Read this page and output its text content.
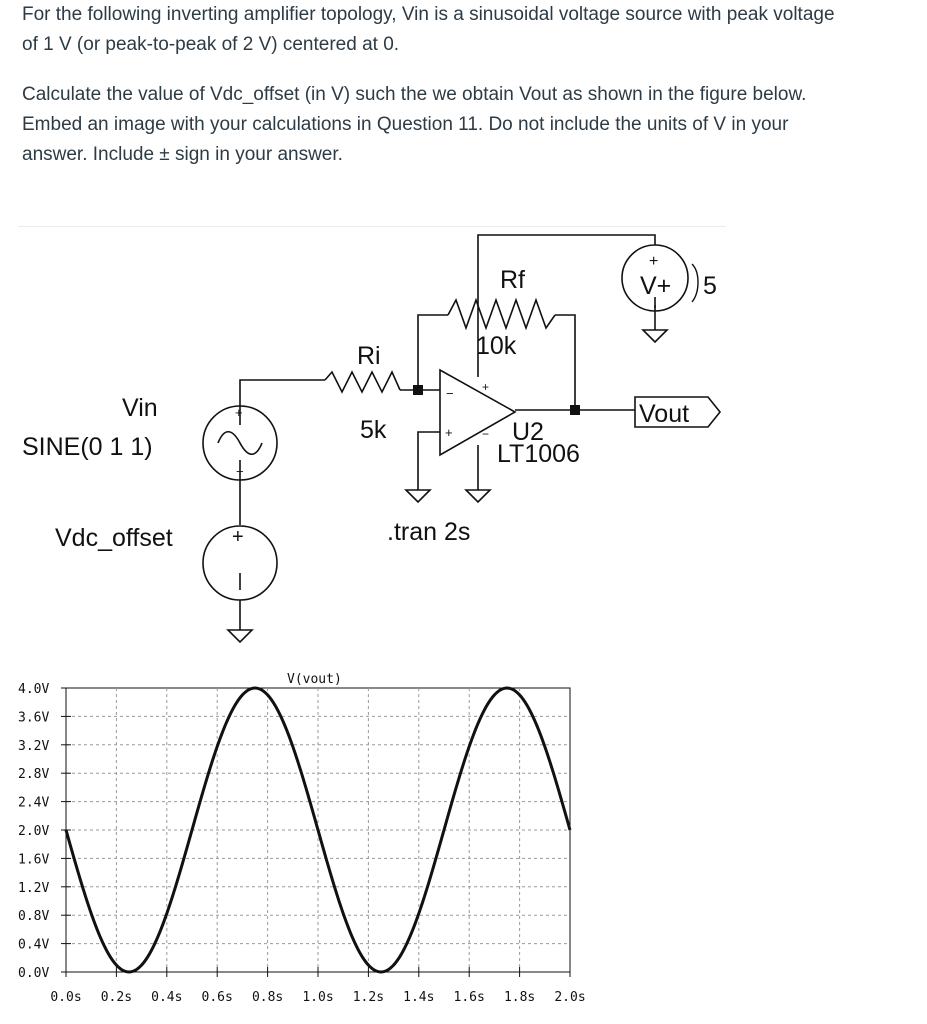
For the following inverting amplifier topology, Vin is a sinusoidal voltage source with peak voltage
of 1 V (or peak-to-peak of 2 V) centered at 0.

Calculate the value of Vdc_offset (in V) such the we obtain Vout as shown in the figure below.
Embed an image with your calculations in Question 11. Do not include the units of V in your
answer. Include ± sign in your answer.

−
+
+
−
+
−
+
+
Vin
SINE(0 1 1)
Vdc_offset
Ri
5k
Rf
10k
U2
LT1006
V+ 5
Vout
.tran 2s
0.0V
0.4V
0.8V
1.2V
1.6V
2.0V
2.4V
2.8V
3.2V
3.6V
4.0V
0.0s 0.2s 0.4s 0.6s 0.8s 1.0s 1.2s 1.4s 1.6s 1.8s 2.0s
V(vout)
